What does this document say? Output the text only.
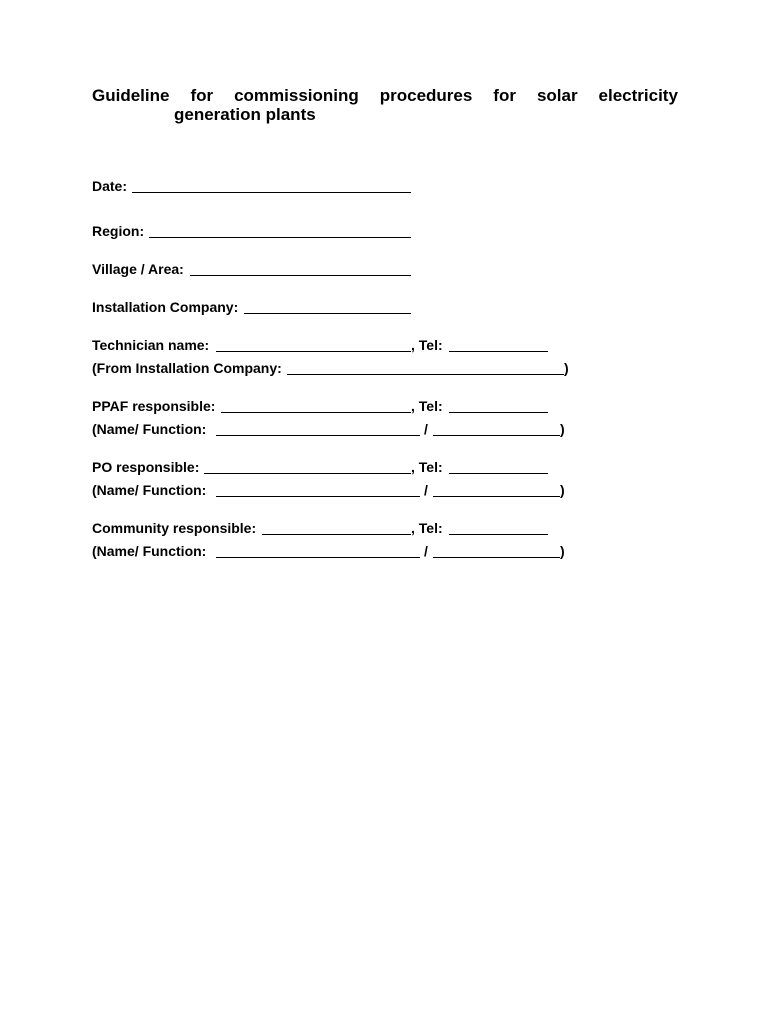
Guideline for commissioning procedures for solar electricity
generation plants
Date:
Region:
Village / Area:
Installation Company:
Technician name:	, Tel:
(From Installation Company:	)
PPAF responsible:	, Tel:
(Name/ Function:	/	)
PO responsible:	, Tel:
(Name/ Function:	/	)
Community responsible:	, Tel:
(Name/ Function:	/	)
